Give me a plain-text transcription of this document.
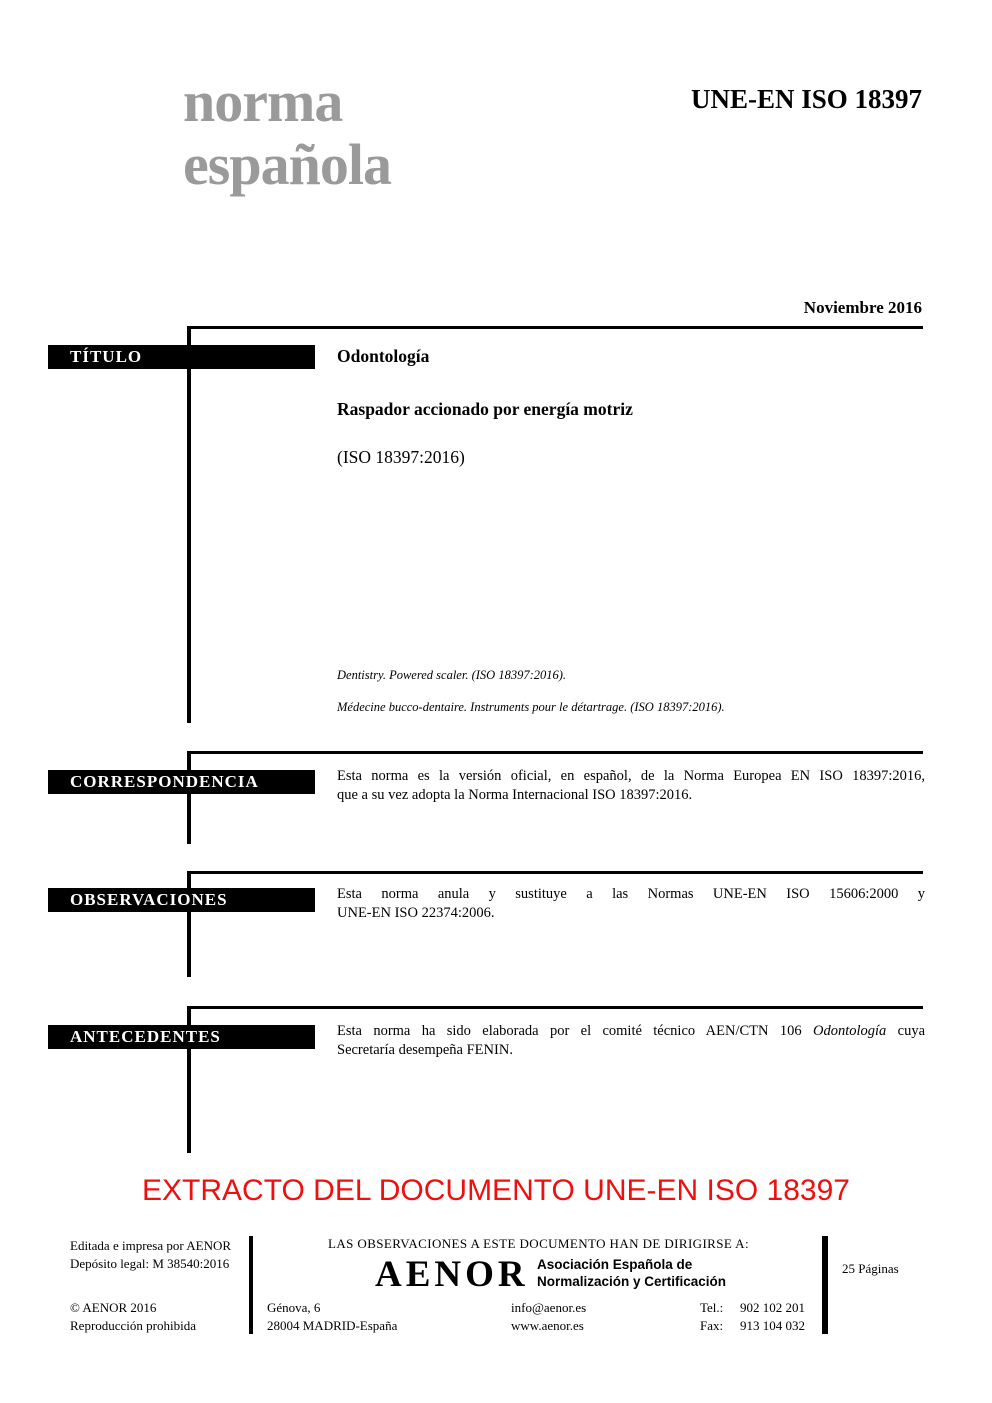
norma
española
UNE-EN ISO 18397
Noviembre 2016
TÍTULO	Odontología
Raspador accionado por energía motriz
(ISO 18397:2016)
Dentistry. Powered scaler. (ISO 18397:2016).
Médecine bucco-dentaire. Instruments pour le détartrage. (ISO 18397:2016).
CORRESPONDENCIA	Esta norma es la versión oficial, en español, de la Norma Europea EN ISO 18397:2016,
que a su vez adopta la Norma Internacional ISO 18397:2016.
OBSERVACIONES	Esta norma anula y sustituye a las Normas UNE-EN ISO 15606:2000 y
UNE-EN ISO 22374:2006.
ANTECEDENTES	Esta norma ha sido elaborada por el comité técnico AEN/CTN 106 Odontología cuya
Secretaría desempeña FENIN.
EXTRACTO DEL DOCUMENTO UNE-EN ISO 18397
Editada e impresa por AENOR
Depósito legal: M 38540:2016
© AENOR 2016
Reproducción prohibida
LAS OBSERVACIONES A ESTE DOCUMENTO HAN DE DIRIGIRSE A:
AENOR Asociación Española de
Normalización y Certificación
Génova, 6
28004 MADRID-España
info@aenor.es
www.aenor.es
Tel.:	902 102 201
Fax:	913 104 032
25 Páginas
